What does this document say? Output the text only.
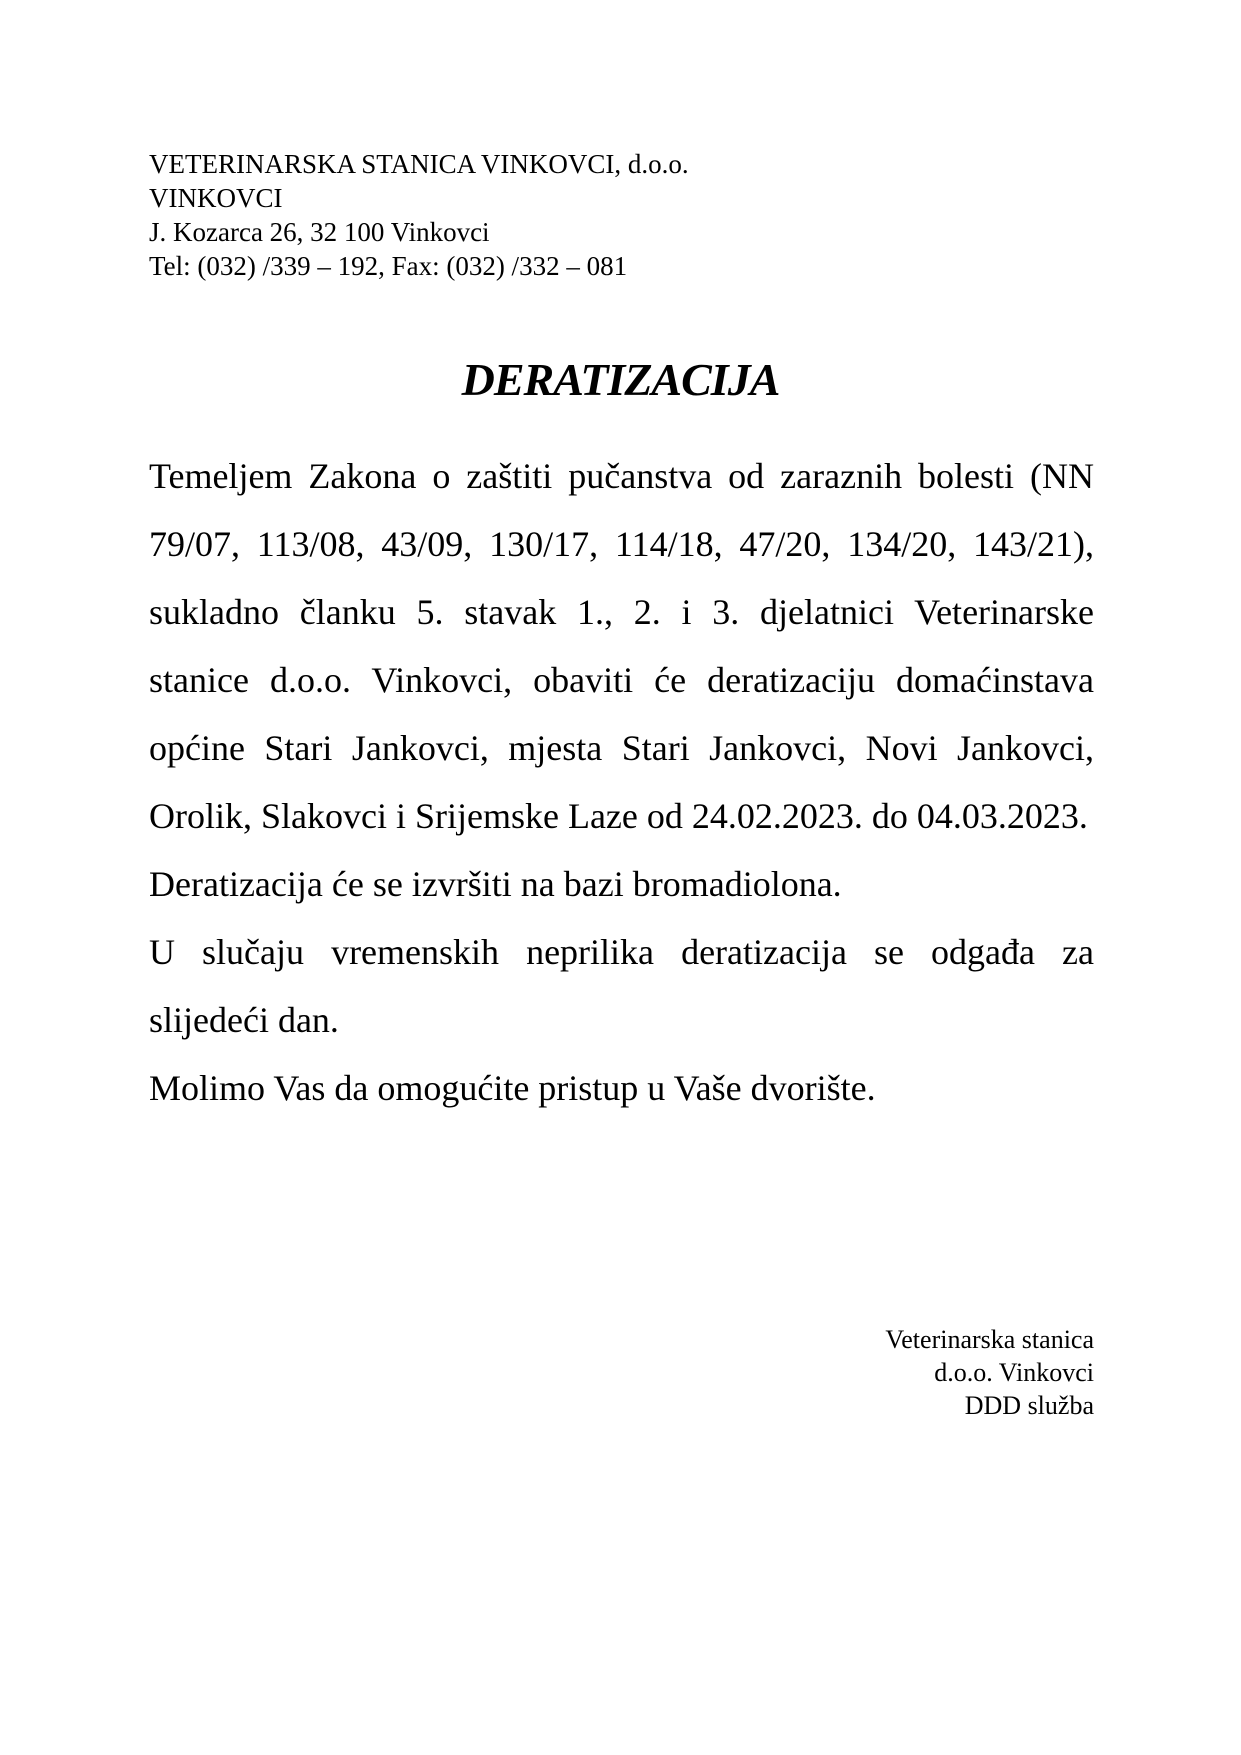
VETERINARSKA STANICA VINKOVCI, d.o.o.
VINKOVCI
J. Kozarca 26, 32 100 Vinkovci
Tel: (032) /339 – 192, Fax: (032) /332 – 081
DERATIZACIJA

Temeljem Zakona o zaštiti pučanstva od zaraznih bolesti (NN 79/07, 113/08, 43/09, 130/17, 114/18, 47/20, 134/20, 143/21), sukladno članku 5. stavak 1., 2. i 3. djelatnici Veterinarske stanice d.o.o. Vinkovci, obaviti će deratizaciju domaćinstava općine Stari Jankovci, mjesta Stari Jankovci, Novi Jankovci, Orolik, Slakovci i Srijemske Laze od 24.02.2023. do 04.03.2023.

Deratizacija će se izvršiti na bazi bromadiolona.

U slučaju vremenskih neprilika deratizacija se odgađa za slijedeći dan.

Molimo Vas da omogućite pristup u Vaše dvorište.

Veterinarska stanica
d.o.o. Vinkovci
DDD služba
